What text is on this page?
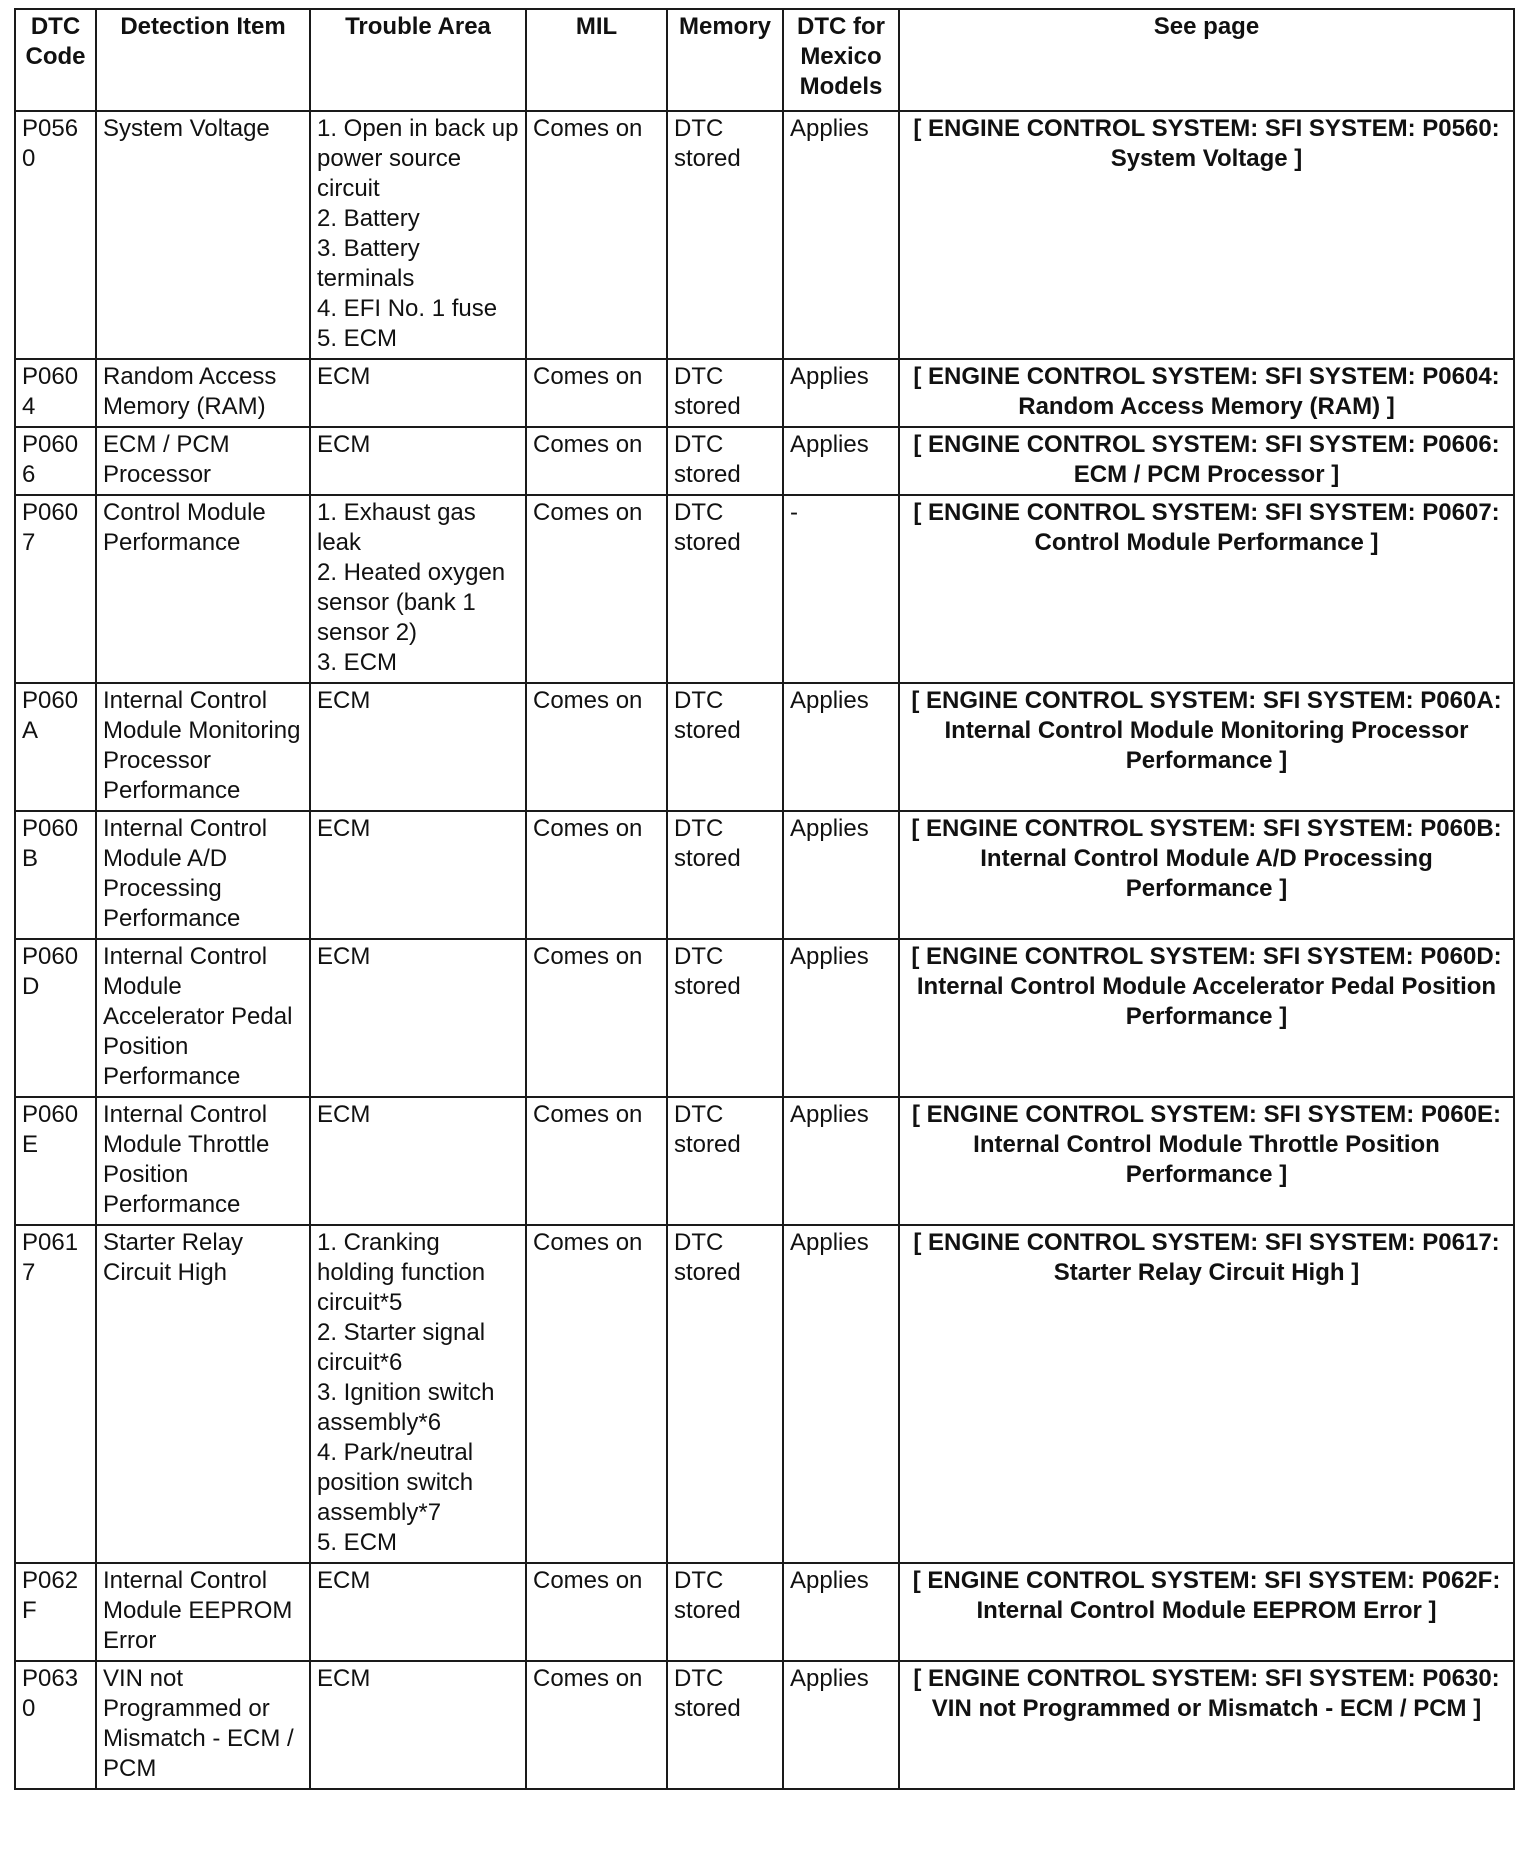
DTC Code	Detection Item	Trouble Area	MIL	Memory	DTC for Mexico Models	See page
P0560	System Voltage	1. Open in back up power source circuit
2. Battery
3. Battery terminals
4. EFI No. 1 fuse
5. ECM	Comes on	DTC stored	Applies	[ ENGINE CONTROL SYSTEM: SFI SYSTEM: P0560: System Voltage ]
P0604	Random Access Memory (RAM)	ECM	Comes on	DTC stored	Applies	[ ENGINE CONTROL SYSTEM: SFI SYSTEM: P0604: Random Access Memory (RAM) ]
P0606	ECM / PCM Processor	ECM	Comes on	DTC stored	Applies	[ ENGINE CONTROL SYSTEM: SFI SYSTEM: P0606: ECM / PCM Processor ]
P0607	Control Module Performance	1. Exhaust gas leak
2. Heated oxygen sensor (bank 1 sensor 2)
3. ECM	Comes on	DTC stored	-	[ ENGINE CONTROL SYSTEM: SFI SYSTEM: P0607: Control Module Performance ]
P060A	Internal Control Module Monitoring Processor Performance	ECM	Comes on	DTC stored	Applies	[ ENGINE CONTROL SYSTEM: SFI SYSTEM: P060A: Internal Control Module Monitoring Processor Performance ]
P060B	Internal Control Module A/D Processing Performance	ECM	Comes on	DTC stored	Applies	[ ENGINE CONTROL SYSTEM: SFI SYSTEM: P060B: Internal Control Module A/D Processing Performance ]
P060D	Internal Control Module Accelerator Pedal Position Performance	ECM	Comes on	DTC stored	Applies	[ ENGINE CONTROL SYSTEM: SFI SYSTEM: P060D: Internal Control Module Accelerator Pedal Position Performance ]
P060E	Internal Control Module Throttle Position Performance	ECM	Comes on	DTC stored	Applies	[ ENGINE CONTROL SYSTEM: SFI SYSTEM: P060E: Internal Control Module Throttle Position Performance ]
P0617	Starter Relay Circuit High	1. Cranking holding function circuit*5
2. Starter signal circuit*6
3. Ignition switch assembly*6
4. Park/neutral position switch assembly*7
5. ECM	Comes on	DTC stored	Applies	[ ENGINE CONTROL SYSTEM: SFI SYSTEM: P0617: Starter Relay Circuit High ]
P062F	Internal Control Module EEPROM Error	ECM	Comes on	DTC stored	Applies	[ ENGINE CONTROL SYSTEM: SFI SYSTEM: P062F: Internal Control Module EEPROM Error ]
P0630	VIN not Programmed or Mismatch - ECM / PCM	ECM	Comes on	DTC stored	Applies	[ ENGINE CONTROL SYSTEM: SFI SYSTEM: P0630: VIN not Programmed or Mismatch - ECM / PCM ]
